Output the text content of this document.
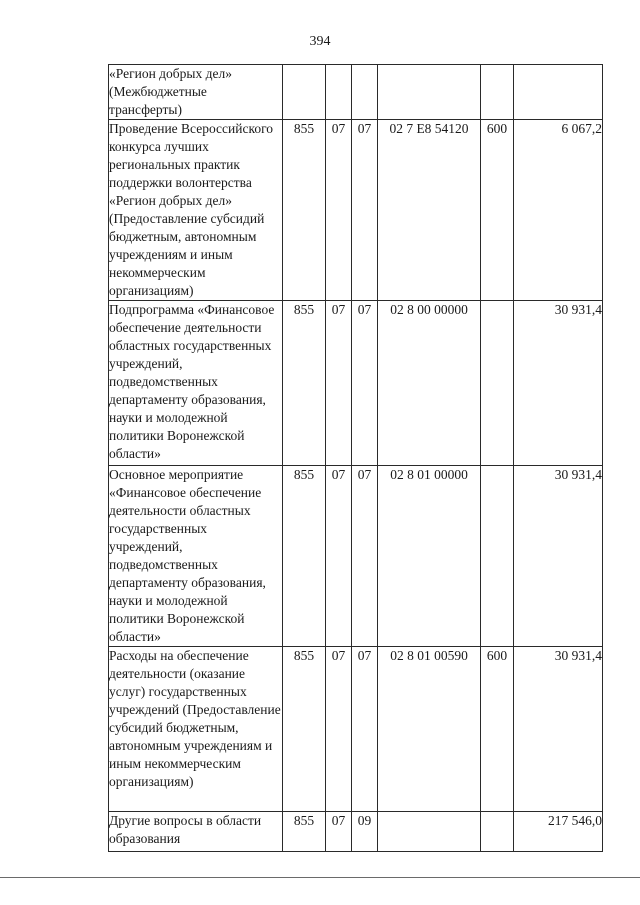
394
«Регион добрых дел» (Межбюджетные трансферты)						
Проведение Всероссийского конкурса лучших региональных практик поддержки волонтерства «Регион добрых дел» (Предоставление субсидий бюджетным, автономным учреждениям и иным некоммерческим организациям)	855	07	07	02 7 E8 54120	600	6 067,2
Подпрограмма «Финансовое обеспечение деятельности областных государственных учреждений, подведомственных департаменту образования, науки и молодежной политики Воронежской области»	855	07	07	02 8 00 00000		30 931,4
Основное мероприятие «Финансовое обеспечение деятельности областных государственных учреждений, подведомственных департаменту образования, науки и молодежной политики Воронежской области»	855	07	07	02 8 01 00000		30 931,4
Расходы на обеспечение деятельности (оказание услуг) государственных учреждений (Предоставление субсидий бюджетным, автономным учреждениям и иным некоммерческим организациям)	855	07	07	02 8 01 00590	600	30 931,4
Другие вопросы в области образования	855	07	09			217 546,0
